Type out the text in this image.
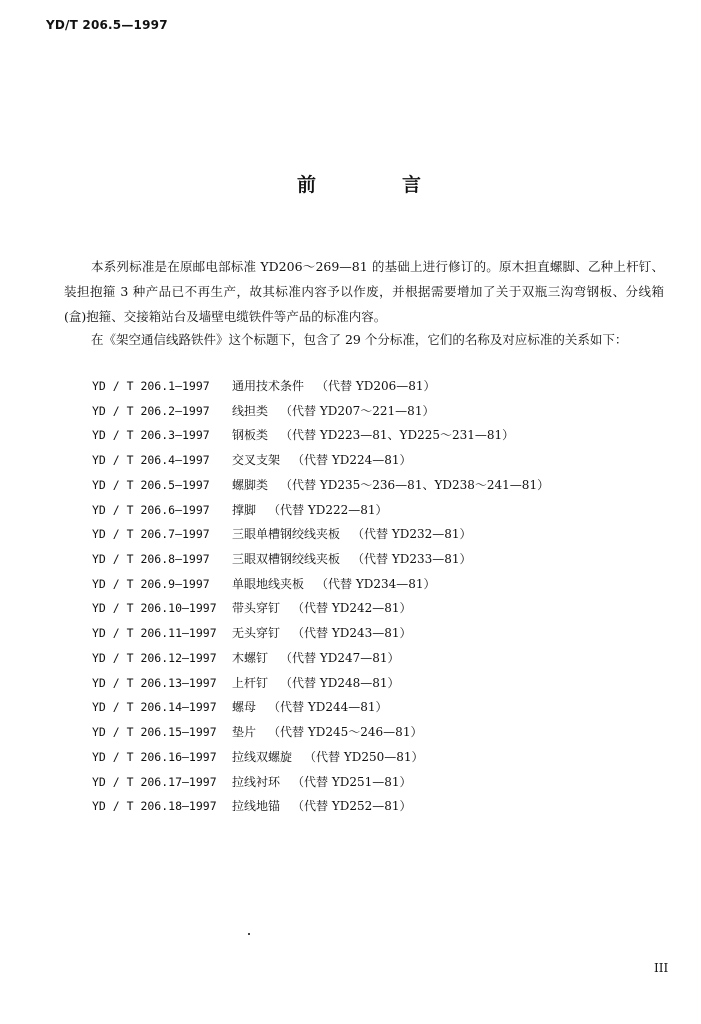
YD/T 206.5—1997
前	言

本系列标准是在原邮电部标准 YD206～269—81 的基础上进行修订的。原木担直螺脚、乙种上杆钉、装担抱箍 3 种产品已不再生产，故其标准内容予以作废，并根据需要增加了关于双瓶三沟弯钢板、分线箱(盒)抱箍、交接箱站台及墙壁电缆铁件等产品的标准内容。

在《架空通信线路铁件》这个标题下，包含了 29 个分标准，它们的名称及对应标准的关系如下：

YD / T 206.1—1997 通用技术条件 （代替 YD206—81）
YD / T 206.2—1997 线担类 （代替 YD207～221—81）
YD / T 206.3—1997 钢板类 （代替 YD223—81、YD225～231—81）
YD / T 206.4—1997 交叉支架 （代替 YD224—81）
YD / T 206.5—1997 螺脚类 （代替 YD235～236—81、YD238～241—81）
YD / T 206.6—1997 撑脚 （代替 YD222—81）
YD / T 206.7—1997 三眼单槽钢绞线夹板 （代替 YD232—81）
YD / T 206.8—1997 三眼双槽钢绞线夹板 （代替 YD233—81）
YD / T 206.9—1997 单眼地线夹板 （代替 YD234—81）
YD / T 206.10—1997 带头穿钉 （代替 YD242—81）
YD / T 206.11—1997 无头穿钉 （代替 YD243—81）
YD / T 206.12—1997 木螺钉 （代替 YD247—81）
YD / T 206.13—1997 上杆钉 （代替 YD248—81）
YD / T 206.14—1997 螺母 （代替 YD244—81）
YD / T 206.15—1997 垫片 （代替 YD245～246—81）
YD / T 206.16—1997 拉线双螺旋 （代替 YD250—81）
YD / T 206.17—1997 拉线衬环 （代替 YD251—81）
YD / T 206.18—1997 拉线地锚 （代替 YD252—81）
III
